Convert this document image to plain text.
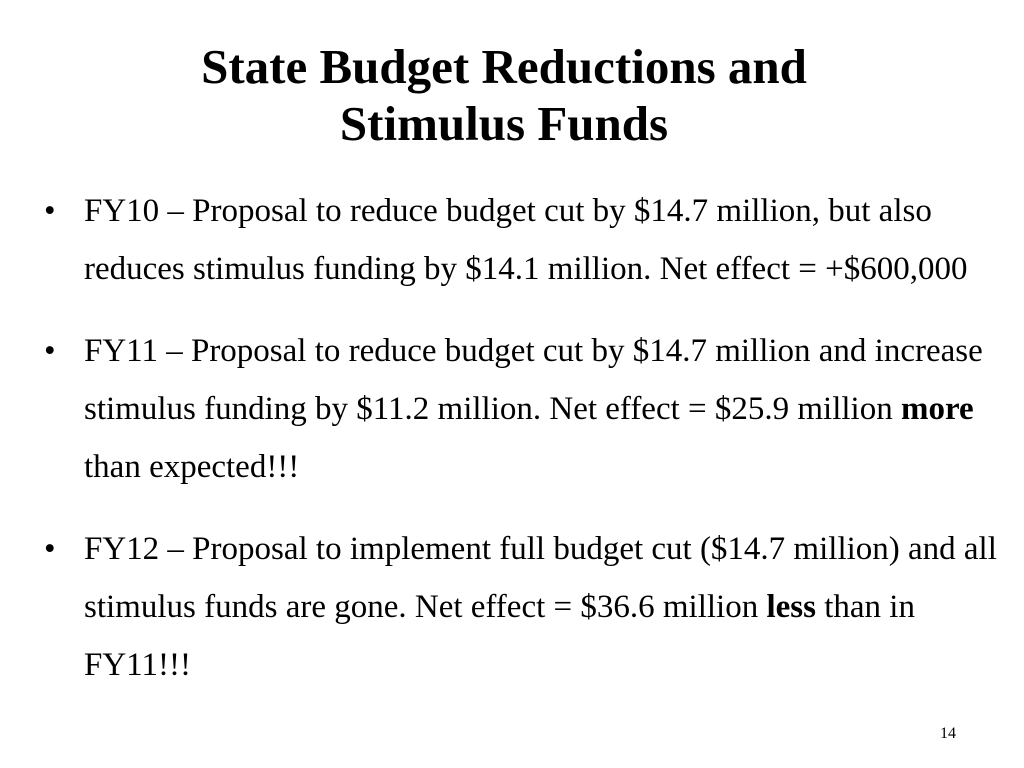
State Budget Reductions and
Stimulus Funds
• FY10 – Proposal to reduce budget cut by $14.7 million, but also reduces stimulus funding by $14.1 million. Net effect = +$600,000
• FY11 – Proposal to reduce budget cut by $14.7 million and increase stimulus funding by $11.2 million. Net effect = $25.9 million more than expected!!!
• FY12 – Proposal to implement full budget cut ($14.7 million) and all stimulus funds are gone. Net effect = $36.6 million less than in FY11!!!
14
